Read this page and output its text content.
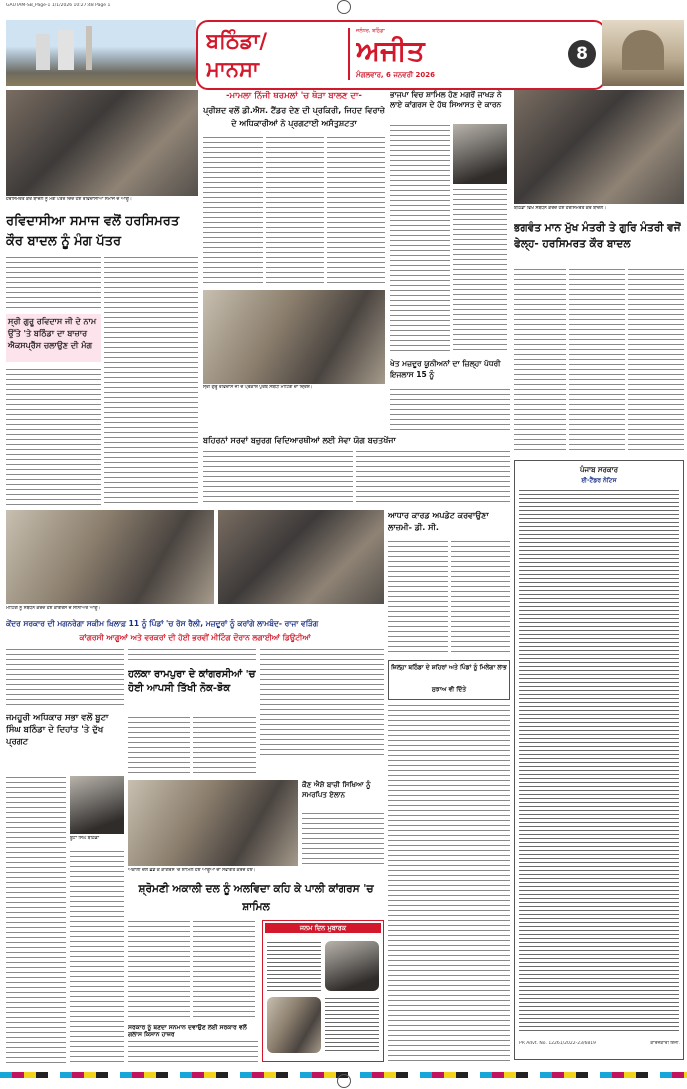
GAUTAM-SB_Page-1 1/1/2026 10:27:48 Page 1
ਬਠਿੰਡਾ/
ਮਾਨਸਾ
ਜਲੰਧਰ, ਬਠਿੰਡਾ
ਅਜੀਤ
ਮੰਗਲਵਾਰ, 6 ਜਨਵਰੀ 2026
8
ਹਰਸਿਮਰਤ ਕੌਰ ਬਾਦਲ ਨੂੰ ਮੰਗ ਪੱਤਰ ਦਿੰਦੇ ਹੋਏ ਰਵਿਦਾਸੀਆ ਸਮਾਜ ਦੇ ਆਗੂ।
ਰਵਿਦਾਸੀਆ ਸਮਾਜ ਵਲੋਂ ਹਰਸਿਮਰਤ ਕੌਰ ਬਾਦਲ ਨੂੰ ਮੰਗ ਪੱਤਰ
ਸ੍ਰੀ ਗੁਰੂ ਰਵਿਦਾਸ ਜੀ ਦੇ ਨਾਮ ਉੱਤੇ 'ਤੇ ਬਠਿੰਡਾ ਦਾ ਬਾਜ਼ਾਰ ਐਕਸਪ੍ਰੈੱਸ ਚਲਾਉਣ ਦੀ ਮੰਗ
-ਮਾਮਲਾ ਨਿੱਜੀ ਥਰਮਲਾਂ 'ਚ ਥੋੜਾ ਬਾਲਣ ਦਾ-
ਪ੍ਰੀਸ਼ਦ ਵਲੋਂ ਡੀ.ਐਸ. ਟੈਂਡਰ ਦੇਣ ਦੀ ਪ੍ਰਕਿਰੀ, ਜਿਹਦ ਵਿਰਾਜ਼ੇ ਦੇ ਅਧਿਕਾਰੀਆਂ ਨੇ ਪ੍ਰਗਟਾਈ ਅਸੰਤੁਸ਼ਟਤਾ
ਸ੍ਰੀ ਗੁਰੂ ਰਵਿਦਾਸ ਜੀ ਦੇ ਪ੍ਰਕਾਸ਼ ਪੁਰਬ ਸਬੰਧੀ ਮੀਟਿੰਗ ਦਾ ਦ੍ਰਿਸ਼।
ਭਾਜਪਾ ਵਿਚ ਸ਼ਾਮਿਲ ਹੋਣ ਮਗਰੋਂ ਜਾਖੜ ਨੇ ਲਾਏ ਕਾਂਗਰਸ ਦੇ ਹੱਥ ਸਿਆਸਤ ਦੇ ਕਾਰਨ
ਖੇਤ ਮਜ਼ਦੂਰ ਯੂਨੀਅਨਾਂ ਦਾ ਜ਼ਿਲ੍ਹਾ ਪੱਧਰੀ ਇਜਲਾਸ 15 ਨੂੰ
ਬਠਿੰਡਾ ਵਿਖੇ ਸੰਬੋਧਨ ਕਰਦੇ ਹੋਏ ਹਰਸਿਮਰਤ ਕੌਰ ਬਾਦਲ।
ਭਗਵੰਤ ਮਾਨ ਮੁੱਖ ਮੰਤਰੀ ਤੇ ਗੁਰਿ ਮੰਤਰੀ ਵਜੋਂ ਫੇਲ੍ਹ- ਹਰਸਿਮਰਤ ਕੌਰ ਬਾਦਲ
ਬਹਿਰਨਾਂ ਸਰਵਾਂ ਬਜ਼ੁਰਗ ਵਿਦਿਆਰਥੀਆਂ ਲਈ ਸੇਵਾ ਯੋਗ ਬਚਤਖੇਂਜਾ
ਮੀਟਿੰਗ ਨੂੰ ਸੰਬੋਧਨ ਕਰਦੇ ਹੋਏ ਕਾਂਗਰਸ ਦੇ ਸੀਨੀਅਰ ਆਗੂ।
ਕੇਂਦਰ ਸਰਕਾਰ ਦੀ ਮਗਨਰੇਗਾ ਸਕੀਮ ਖ਼ਿਲਾਫ਼ 11 ਨੂੰ ਪਿੰਡਾਂ 'ਚ ਰੋਸ ਰੈਲੀ, ਮਜ਼ਦੂਰਾਂ ਨੂੰ ਕਰਾਂਗੇ ਲਾਮਬੰਦ- ਰਾਜਾ ਵੜਿੰਗ
ਕਾਂਗਰਸੀ ਆਗੂਆਂ ਅਤੇ ਵਰਕਰਾਂ ਦੀ ਹੋਈ ਭਰਵੀਂ ਮੀਟਿੰਗ ਦੌਰਾਨ ਲਗਾਈਆਂ ਡਿਊਟੀਆਂ
ਪੰਜਾਬ ਸਰਕਾਰ
ਈ-ਟੈਂਡਰ ਨੋਟਿਸ
PR Advt. No. 12261/2022-23/6819	ਕਾਰਜਕਾਰੀ ਇੰਜੀ.
ਆਧਾਰ ਕਾਰਡ ਅਪਡੇਟ ਕਰਵਾਉਣਾ ਲਾਜ਼ਮੀ- ਡੀ. ਸੀ.
ਜਮਹੂਰੀ ਅਧਿਕਾਰ ਸਭਾ ਵਲੋਂ ਬੂਟਾ ਸਿੰਘ ਬਠਿੰਡਾ ਦੇ ਦਿਹਾਂਤ 'ਤੇ ਦੁੱਖ ਪ੍ਰਗਟ
ਬੂਟਾ ਸਿੰਘ ਬਠਿੰਡਾ
ਹਲਕਾ ਰਾਮਪੁਰਾ ਦੇ ਕਾਂਗਰਸੀਆਂ 'ਚ ਹੋਈ ਆਪਸੀ ਤਿੱਖੀ ਨੋਕ-ਝੋਕ
ਜ਼ਿਲ੍ਹਾ ਬਠਿੰਡਾ ਦੇ ਸ਼ਹਿਰਾਂ ਅਤੇ ਪਿੰਡਾਂ ਨੂੰ ਮਿਲੇਗਾ ਲਾਭ
ਸੁਝਾਅ ਵੀ ਦਿੱਤੇ
ਅਕਾਲੀ ਦਲ ਛੱਡ ਕੇ ਕਾਂਗਰਸ 'ਚ ਸ਼ਾਮਿਲ ਹੋਏ ਆਗੂਆਂ ਦਾ ਸਵਾਗਤ ਕਰਦੇ ਹੋਏ।
ਕੌਣ ਐਸ਼ੋ ਬਾਜ਼ੀ ਸਿਖਿਆ ਨੂੰ ਸਮਰਪਿਤ ਏਲਾਨ
ਸ਼੍ਰੋਮਣੀ ਅਕਾਲੀ ਦਲ ਨੂੰ ਅਲਵਿਦਾ ਕਹਿ ਕੇ ਪਾਲੀ ਕਾਂਗਰਸ 'ਚ ਸ਼ਾਮਿਲ
ਜਨਮ ਦਿਨ ਮੁਬਾਰਕ
ਸਰਕਾਰ ਨੂੰ ਬਣਦਾ ਸਨਮਾਨ ਦਵਾਉਣ ਲਈ ਸਰਕਾਰ ਵਲੋਂ ਗਲਾਸ ਕਿਸਾਨ ਹਾਜ਼ਰ
